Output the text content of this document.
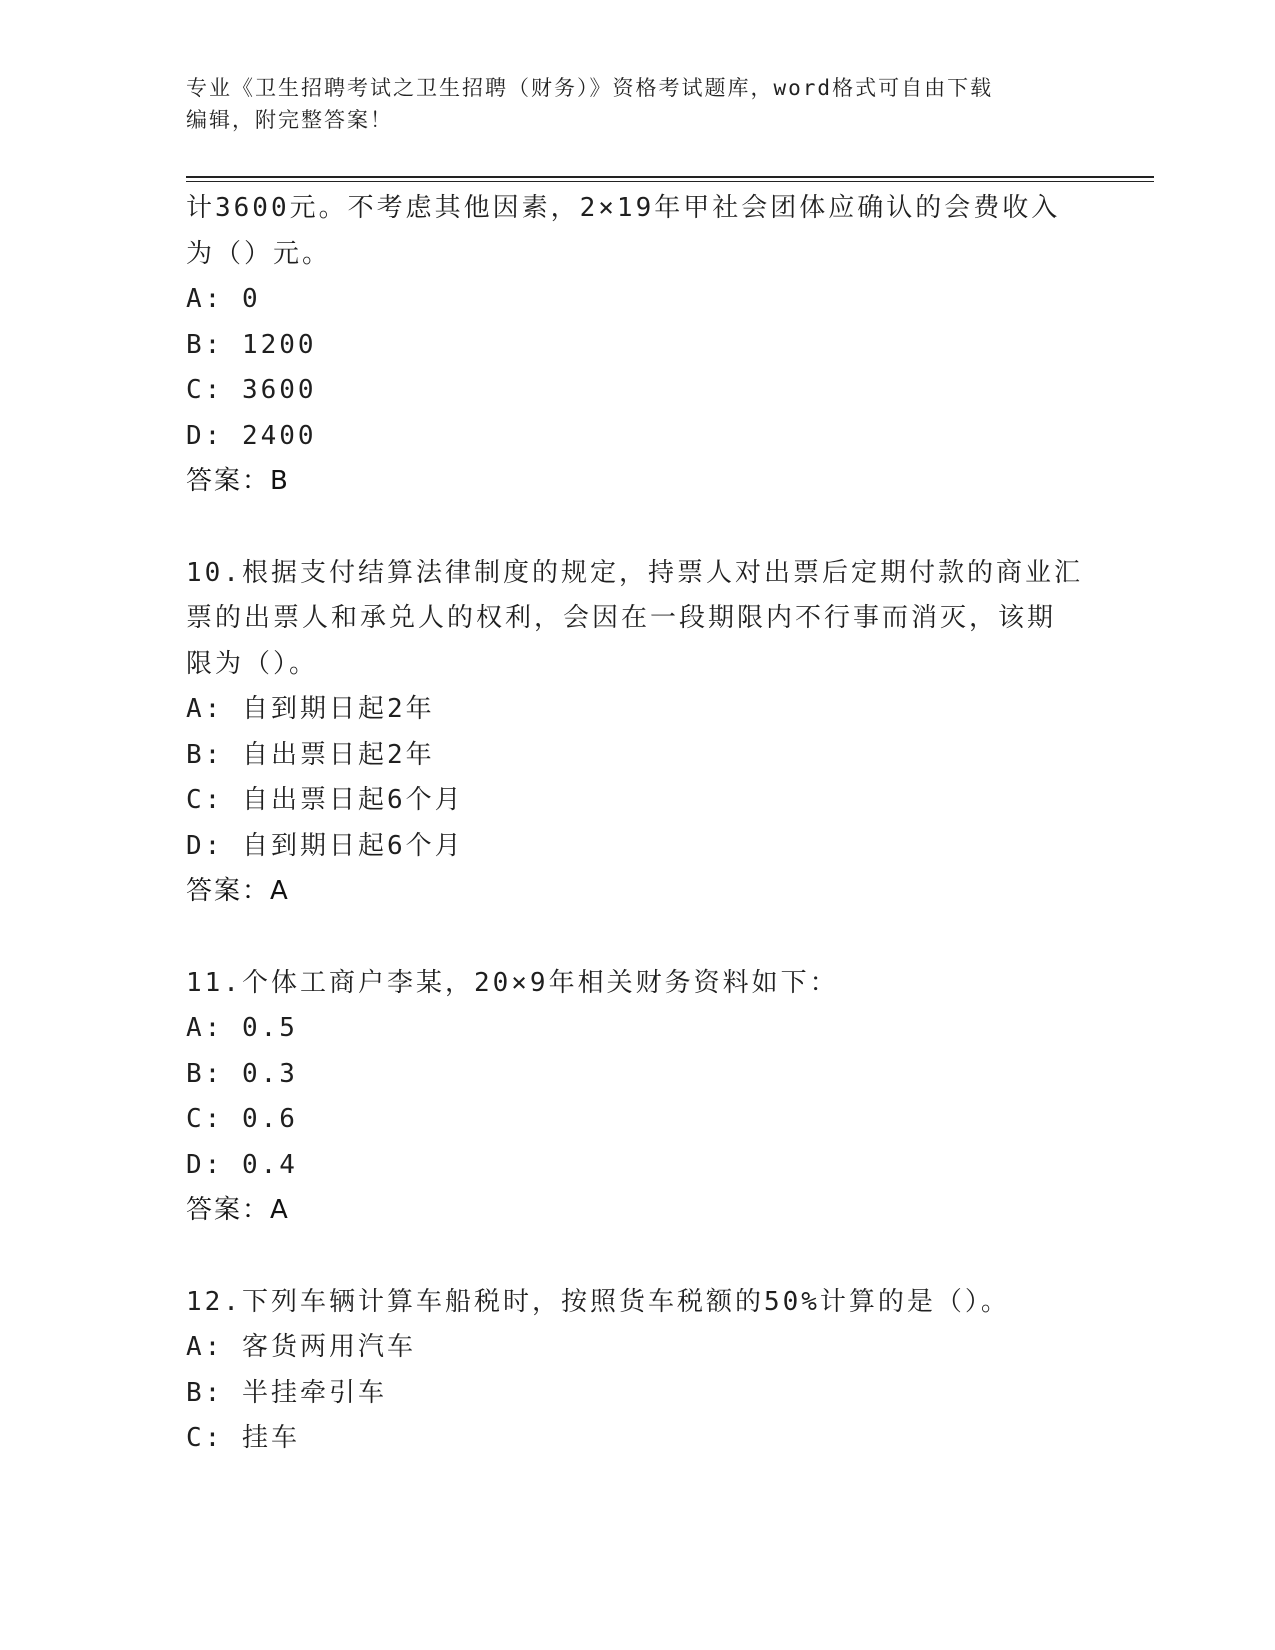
专业《卫生招聘考试之卫生招聘（财务）》资格考试题库，word格式可自由下载
编辑，附完整答案！
计3600元。不考虑其他因素，2×19年甲社会团体应确认的会费收入
为（）元。
A: 0
B: 1200
C: 3600
D: 2400
答案：B
10.根据支付结算法律制度的规定，持票人对出票后定期付款的商业汇
票的出票人和承兑人的权利，会因在一段期限内不行事而消灭，该期
限为（）。
A: 自到期日起2年
B: 自出票日起2年
C: 自出票日起6个月
D: 自到期日起6个月
答案：A
11.个体工商户李某，20×9年相关财务资料如下：
A: 0.5
B: 0.3
C: 0.6
D: 0.4
答案：A
12.下列车辆计算车船税时，按照货车税额的50%计算的是（）。
A: 客货两用汽车
B: 半挂牵引车
C: 挂车
